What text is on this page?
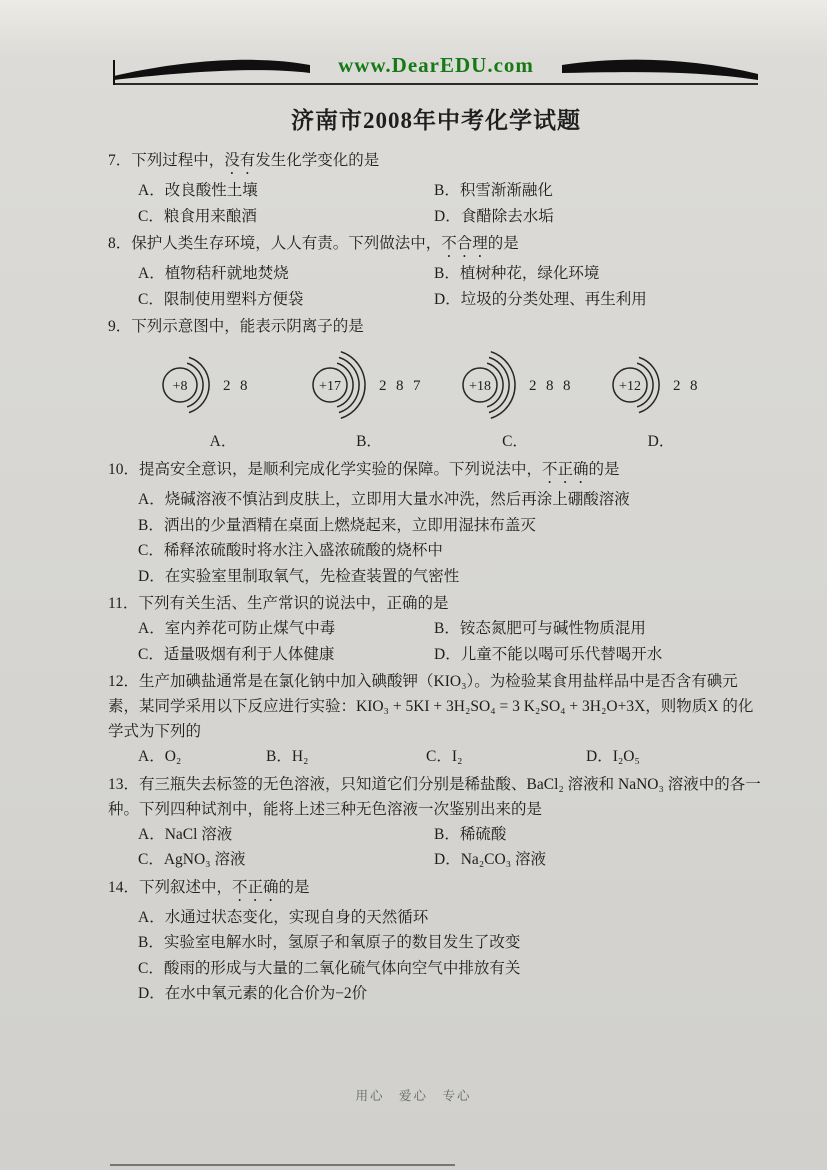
www.DearEDU.com
济南市2008年中考化学试题

7．下列过程中，没有发生化学变化的是

A．改良酸性土壤	B．积雪渐渐融化
C．粮食用来酿酒	D．食醋除去水垢

8．保护人类生存环境，人人有责。下列做法中，不合理的是

A．植物秸秆就地焚烧	B．植树种花，绿化环境
C．限制使用塑料方便袋	D．垃圾的分类处理、再生利用

9．下列示意图中，能表示阴离子的是

+8 2 8	+17	2 8 7	+18	2 8 8	+12 2 8
A．	B．	C．	D．

10．提高安全意识，是顺利完成化学实验的保障。下列说法中，不正确的是

A．烧碱溶液不慎沾到皮肤上，立即用大量水冲洗，然后再涂上硼酸溶液
B．洒出的少量酒精在桌面上燃烧起来，立即用湿抹布盖灭
C．稀释浓硫酸时将水注入盛浓硫酸的烧杯中
D．在实验室里制取氧气，先检查装置的气密性

11．下列有关生活、生产常识的说法中，正确的是

A．室内养花可防止煤气中毒	B．铵态氮肥可与碱性物质混用
C．适量吸烟有利于人体健康	D．儿童不能以喝可乐代替喝开水

12．生产加碘盐通常是在氯化钠中加入碘酸钾（KIO₃）。为检验某食用盐样品中是否含有碘元素，某同学采用以下反应进行实验：KIO₃ + 5KI + 3H₂SO₄ = 3 K₂SO₄ + 3H₂O+3X，则物质X 的化学式为下列的

A．O₂	B．H₂	C．I₂	D．I₂O₅

13．有三瓶失去标签的无色溶液，只知道它们分别是稀盐酸、BaCl₂ 溶液和 NaNO₃ 溶液中的各一种。下列四种试剂中，能将上述三种无色溶液一次鉴别出来的是

A．NaCl 溶液	B．稀硫酸
C．AgNO₃ 溶液	D．Na₂CO₃ 溶液

14．下列叙述中，不正确的是

A．水通过状态变化，实现自身的天然循环
B．实验室电解水时，氢原子和氧原子的数目发生了改变
C．酸雨的形成与大量的二氧化硫气体向空气中排放有关
D．在水中氧元素的化合价为−2价
用心　爱心　专心
